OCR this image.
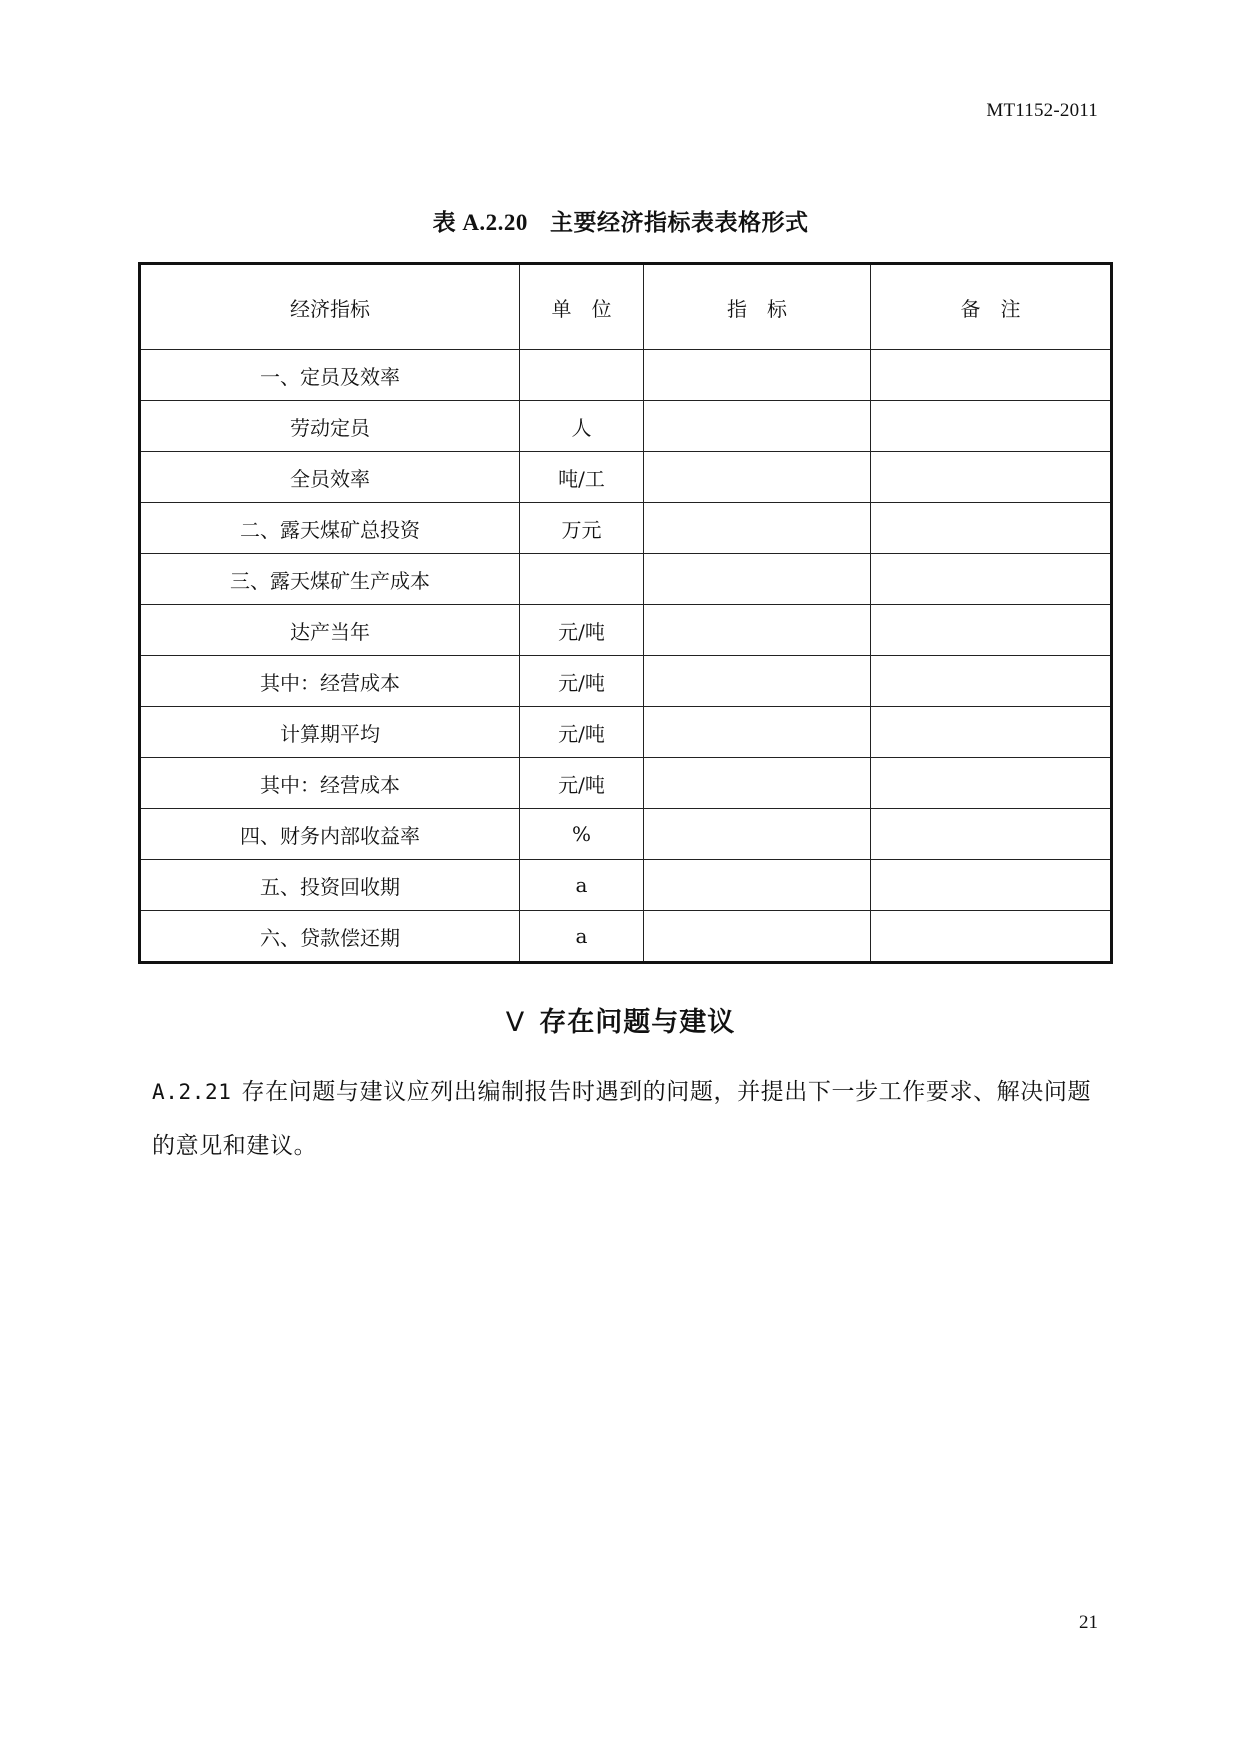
MT1152-2011
表 A.2.20 主要经济指标表表格形式
经济指标	单　位	指　标	备　注
一、定员及效率			
劳动定员	人		
全员效率	吨/工		
二、露天煤矿总投资	万元		
三、露天煤矿生产成本			
达产当年	元/吨		
其中：经营成本	元/吨		
计算期平均	元/吨		
其中：经营成本	元/吨		
四、财务内部收益率	%		
五、投资回收期	a		
六、贷款偿还期	a		
Ⅴ 存在问题与建议
A.2.21 存在问题与建议应列出编制报告时遇到的问题，并提出下一步工作要求、解决问题的意见和建议。
21
